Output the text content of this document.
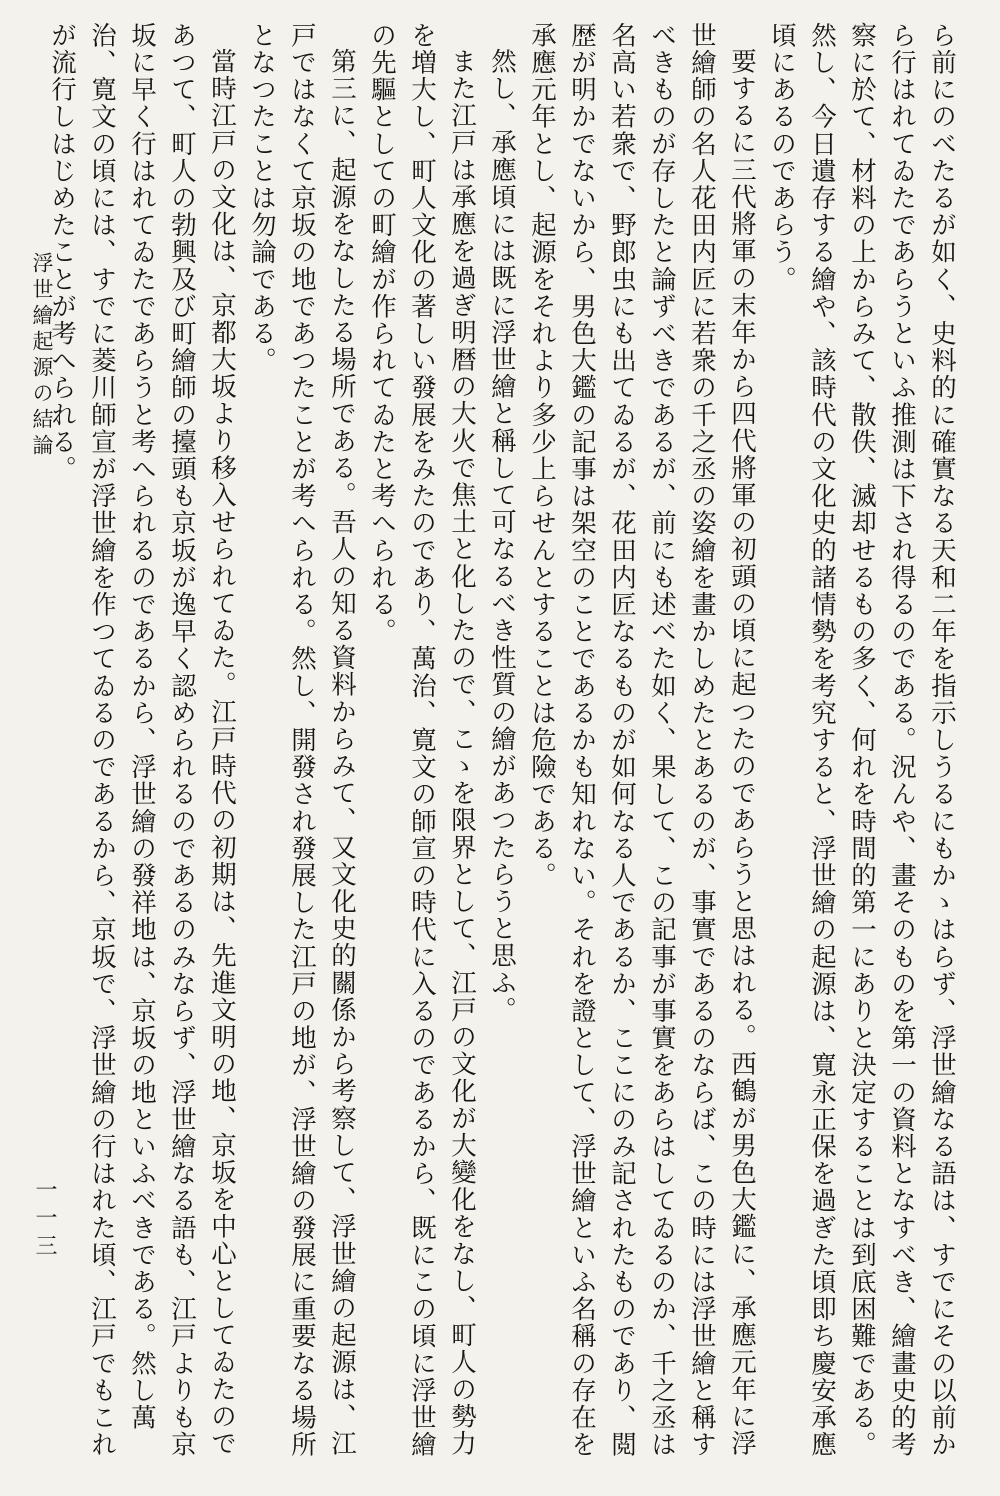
ら前にのべたるが如く、史料的に確實なる天和二年を指示しうるにもかゝはらず、浮世繪なる語は、すでにその以前から行はれてゐたであらうといふ推測は下され得るのである。況んや、畫そのものを第一の資料となすべき、繪畫史的考察に於て、材料の上からみて、散佚、滅却せるもの多く、何れを時間的第一にありと決定することは到底困難である。然し、今日遺存する繪や、該時代の文化史的諸情勢を考究すると、浮世繪の起源は、寛永正保を過ぎた頃即ち慶安承應頃にあるのであらう。

要するに三代將軍の末年から四代將軍の初頭の頃に起つたのであらうと思はれる。西鶴が男色大鑑に、承應元年に浮世繪師の名人花田内匠に若衆の千之丞の姿繪を畫かしめたとあるのが、事實であるのならば、この時には浮世繪と稱すべきものが存したと論ずべきであるが、前にも述べた如く、果して、この記事が事實をあらはしてゐるのか、千之丞は名高い若衆で、野郎虫にも出てゐるが、花田内匠なるものが如何なる人であるか、ここにのみ記されたものであり、閲歴が明かでないから、男色大鑑の記事は架空のことであるかも知れない。それを證として、浮世繪といふ名稱の存在を承應元年とし、起源をそれより多少上らせんとすることは危險である。

然し、承應頃には既に浮世繪と稱して可なるべき性質の繪があつたらうと思ふ。

また江戸は承應を過ぎ明暦の大火で焦土と化したので、こゝを限界として、江戸の文化が大變化をなし、町人の勢力を増大し、町人文化の著しい發展をみたのであり、萬治、寛文の師宣の時代に入るのであるから、既にこの頃に浮世繪の先驅としての町繪が作られてゐたと考へられる。

第三に、起源をなしたる場所である。吾人の知る資料からみて、又文化史的關係から考察して、浮世繪の起源は、江戸ではなくて京坂の地であつたことが考へられる。然し、開發され發展した江戸の地が、浮世繪の發展に重要なる場所となつたことは勿論である。

當時江戸の文化は、京都大坂より移入せられてゐた。江戸時代の初期は、先進文明の地、京坂を中心としてゐたのであつて、町人の勃興及び町繪師の擡頭も京坂が逸早く認められるのであるのみならず、浮世繪なる語も、江戸よりも京坂に早く行はれてゐたであらうと考へられるのであるから、浮世繪の發祥地は、京坂の地といふべきである。然し萬治、寛文の頃には、すでに菱川師宣が浮世繪を作つてゐるのであるから、京坂で、浮世繪の行はれた頃、江戸でもこれが流行しはじめたことが考へられる。

浮世繪起源の結論
一一三
